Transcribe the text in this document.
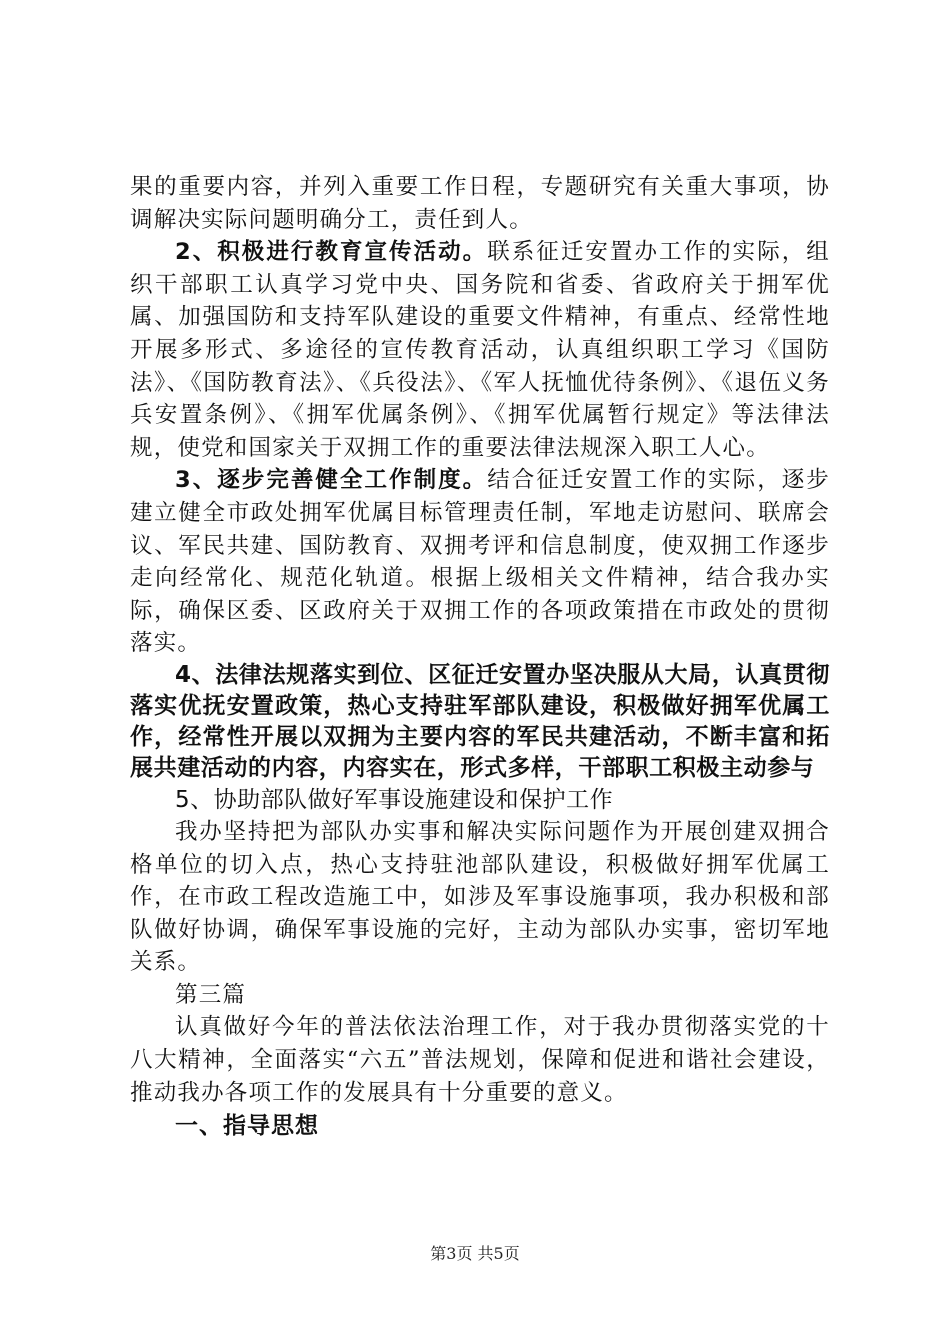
果的重要内容，并列入重要工作日程，专题研究有关重大事项，协调解决实际问题明确分工，责任到人。

2、积极进行教育宣传活动。联系征迁安置办工作的实际，组织干部职工认真学习党中央、国务院和省委、省政府关于拥军优属、加强国防和支持军队建设的重要文件精神，有重点、经常性地开展多形式、多途径的宣传教育活动，认真组织职工学习《国防法》、《国防教育法》、《兵役法》、《军人抚恤优待条例》、《退伍义务兵安置条例》、《拥军优属条例》、《拥军优属暂行规定》等法律法规，使党和国家关于双拥工作的重要法律法规深入职工人心。

3、逐步完善健全工作制度。结合征迁安置工作的实际，逐步建立健全市政处拥军优属目标管理责任制，军地走访慰问、联席会议、军民共建、国防教育、双拥考评和信息制度，使双拥工作逐步走向经常化、规范化轨道。根据上级相关文件精神，结合我办实际，确保区委、区政府关于双拥工作的各项政策措在市政处的贯彻落实。

4、法律法规落实到位、区征迁安置办坚决服从大局，认真贯彻落实优抚安置政策，热心支持驻军部队建设，积极做好拥军优属工作，经常性开展以双拥为主要内容的军民共建活动，不断丰富和拓展共建活动的内容，内容实在，形式多样，干部职工积极主动参与

5、协助部队做好军事设施建设和保护工作

我办坚持把为部队办实事和解决实际问题作为开展创建双拥合格单位的切入点，热心支持驻池部队建设，积极做好拥军优属工作，在市政工程改造施工中，如涉及军事设施事项，我办积极和部队做好协调，确保军事设施的完好，主动为部队办实事，密切军地关系。

第三篇

认真做好今年的普法依法治理工作，对于我办贯彻落实党的十八大精神，全面落实“六五”普法规划，保障和促进和谐社会建设，推动我办各项工作的发展具有十分重要的意义。

一、指导思想

第3页 共5页
